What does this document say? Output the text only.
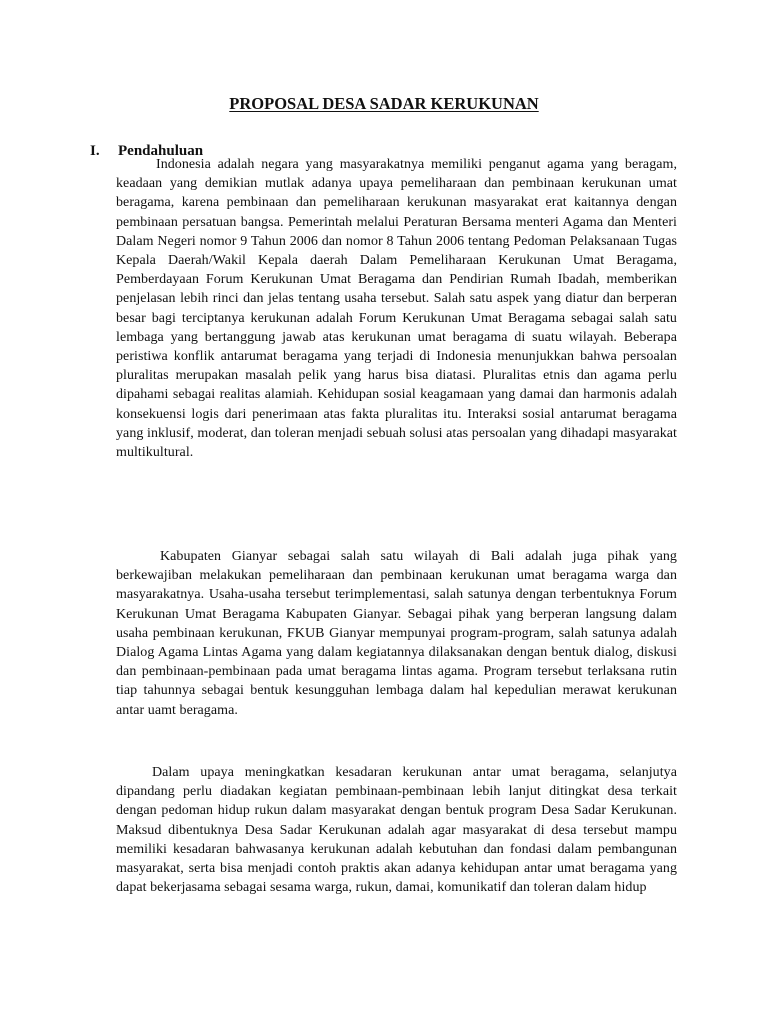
PROPOSAL DESA SADAR KERUKUNAN
I. Pendahuluan

Indonesia adalah negara yang masyarakatnya memiliki penganut agama yang beragam, keadaan yang demikian mutlak adanya upaya pemeliharaan dan pembinaan kerukunan umat beragama, karena pembinaan dan pemeliharaan kerukunan masyarakat erat kaitannya dengan pembinaan persatuan bangsa. Pemerintah melalui Peraturan Bersama menteri Agama dan Menteri Dalam Negeri nomor 9 Tahun 2006 dan nomor 8 Tahun 2006 tentang Pedoman Pelaksanaan Tugas Kepala Daerah/Wakil Kepala daerah Dalam Pemeliharaan Kerukunan Umat Beragama, Pemberdayaan Forum Kerukunan Umat Beragama dan Pendirian Rumah Ibadah, memberikan penjelasan lebih rinci dan jelas tentang usaha tersebut. Salah satu aspek yang diatur dan berperan besar bagi terciptanya kerukunan adalah Forum Kerukunan Umat Beragama sebagai salah satu lembaga yang bertanggung jawab atas kerukunan umat beragama di suatu wilayah. Beberapa peristiwa konflik antarumat beragama yang terjadi di Indonesia menunjukkan bahwa persoalan pluralitas merupakan masalah pelik yang harus bisa diatasi. Pluralitas etnis dan agama perlu dipahami sebagai realitas alamiah. Kehidupan sosial keagamaan yang damai dan harmonis adalah konsekuensi logis dari penerimaan atas fakta pluralitas itu. Interaksi sosial antarumat beragama yang inklusif, moderat, dan toleran menjadi sebuah solusi atas persoalan yang dihadapi masyarakat multikultural.

Kabupaten Gianyar sebagai salah satu wilayah di Bali adalah juga pihak yang berkewajiban melakukan pemeliharaan dan pembinaan kerukunan umat beragama warga dan masyarakatnya. Usaha-usaha tersebut terimplementasi, salah satunya dengan terbentuknya Forum Kerukunan Umat Beragama Kabupaten Gianyar. Sebagai pihak yang berperan langsung dalam usaha pembinaan kerukunan, FKUB Gianyar mempunyai program-program, salah satunya adalah Dialog Agama Lintas Agama yang dalam kegiatannya dilaksanakan dengan bentuk dialog, diskusi dan pembinaan-pembinaan pada umat beragama lintas agama. Program tersebut terlaksana rutin tiap tahunnya sebagai bentuk kesungguhan lembaga dalam hal kepedulian merawat kerukunan antar uamt beragama.

Dalam upaya meningkatkan kesadaran kerukunan antar umat beragama, selanjutya dipandang perlu diadakan kegiatan pembinaan-pembinaan lebih lanjut ditingkat desa terkait dengan pedoman hidup rukun dalam masyarakat dengan bentuk program Desa Sadar Kerukunan. Maksud dibentuknya Desa Sadar Kerukunan adalah agar masyarakat di desa tersebut mampu memiliki kesadaran bahwasanya kerukunan adalah kebutuhan dan fondasi dalam pembangunan masyarakat, serta bisa menjadi contoh praktis akan adanya kehidupan antar umat beragama yang dapat bekerjasama sebagai sesama warga, rukun, damai, komunikatif dan toleran dalam hidup
